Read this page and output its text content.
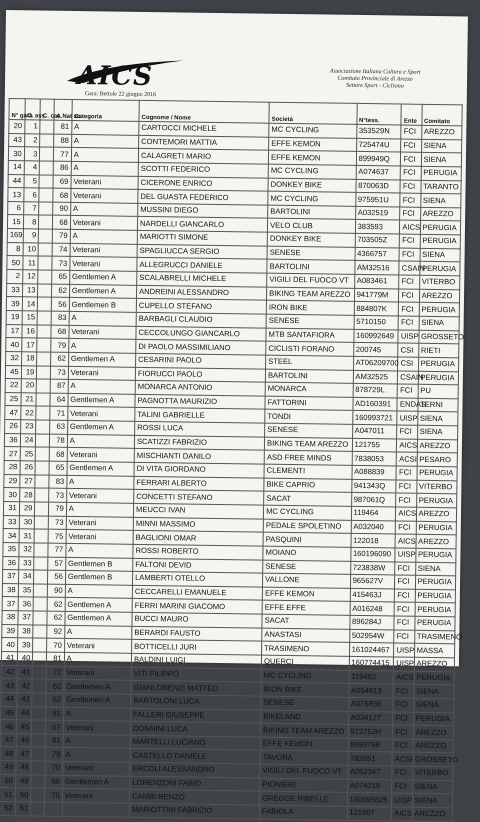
AICS	Associazione Italiana Cultura e Sport
Comitato Provinciale di Arezzo
Settore Sport - Ciclismo
Gara: Bettole 22 giugno 2016
N° gara	C. ass.	C. cat.	A.Nat sc.	Categoria	Cognome / Nome	Società	N°tess.	Ente	Comitato
20	1		81	A	CARTOCCI MICHELE	MC CYCLING	353529N	FCI	AREZZO
43	2		88	A	CONTEMORI MATTIA	EFFE KEMON	725474U	FCI	SIENA
30	3		77	A	CALAGRETI MARIO	EFFE KEMON	899949Q	FCI	SIENA
14	4		86	A	SCOTTI FEDERICO	MC CYCLING	A074637	FCI	PERUGIA
44	5		69	Veterani	CICERONE ENRICO	DONKEY BIKE	870063D	FCI	TARANTO
13	6		68	Veterani	DEL GUASTA FEDERICO	MC CYCLING	975951U	FCI	SIENA
6	7		90	A	MUSSINI DIEGO	BARTOLINI	A032519	FCI	AREZZO
15	8		68	Veterani	NARDELLI GIANCARLO	VELO CLUB	383593	AICS	PERUGIA
169	9		79	A	MARIOTTI SIMONE	DONKEY BIKE	703505Z	FCI	PERUGIA
8	10		74	Veterani	SPAGLIUCCA SERGIO	SENESE	4366757	FCI	SIENA
50	11		73	Veterani	ALLEGRUCCI DANIELE	BARTOLINI	AM32516	CSAIN	PERUGIA
2	12		65	Gentlemen A	SCALABRELLI MICHELE	VIGILI DEL FUOCO VT	A083461	FCI	VITERBO
33	13		62	Gentlemen A	ANDREINI ALESSANDRO	BIKING TEAM AREZZO	941779M	FCI	AREZZO
39	14		56	Gentlemen B	CUPELLO STEFANO	IRON BIKE	884807K	FCI	PERUGIA
19	15		83	A	BARBAGLI CLAUDIO	SENESE	5710150	FCI	SIENA
17	16		68	Veterani	CECCOLUNGO GIANCARLO	MTB SANTAFIORA	160992649	UISP	GROSSETO
40	17		79	A	DI PAOLO MASSIMILIANO	CICLISTI FORANO	200745	CSI	RIETI
32	18		62	Gentlemen A	CESARINI PAOLO	STEEL	AT06209700	CSI	PERUGIA
45	19		73	Veterani	FIORUCCI PAOLO	BARTOLINI	AM32525	CSAIN	PERUGIA
22	20		87	A	MONARCA ANTONIO	MONARCA	878729L	FCI	PU
25	21		64	Gentlemen A	PAGNOTTA MAURIZIO	FATTORINI	AD160391	ENDAS	TERNI
47	22		71	Veterani	TALINI GABRIELLE	TONDI	160993721	UISP	SIENA
26	23		63	Gentlemen A	ROSSI LUCA	SENESE	A047011	FCI	SIENA
36	24		78	A	SCATIZZI FABRIZIO	BIKING TEAM AREZZO	121755	AICS	AREZZO
27	25		68	Veterani	MISCHIANTI DANILO	ASD FREE MINDS	7838053	ACSI	PESARO
28	26		65	Gentlemen A	DI VITA GIORDANO	CLEMENTI	A088839	FCI	PERUGIA
29	27		83	A	FERRARI ALBERTO	BIKE CAPRIO	941343Q	FCI	VITERBO
30	28		73	Veterani	CONCETTI STEFANO	SACAT	987061Q	FCI	PERUGIA
31	29		79	A	MEUCCI IVAN	MC CYCLING	119464	AICS	AREZZO
33	30		73	Veterani	MINNI MASSIMO	PEDALE SPOLETINO	A032040	FCI	PERUGIA
34	31		75	Veterani	BAGLIONI OMAR	PASQUINI	122018	AICS	AREZZO
35	32		77	A	ROSSI ROBERTO	MOIANO	160196090	UISP	PERUGIA
36	33		57	Gentlemen B	FALTONI DEVID	SENESE	723838W	FCI	SIENA
37	34		56	Gentlemen B	LAMBERTI OTELLO	VALLONE	965627V	FCI	PERUGIA
38	35		90	A	CECCARELLI EMANUELE	EFFE KEMON	415463J	FCI	PERUGIA
37	36		62	Gentlemen A	FERRI MARINI GIACOMO	EFFE EFFE	A016248	FCI	PERUGIA
38	37		62	Gentlemen A	BUCCI MAURO	SACAT	896284J	FCI	PERUGIA
39	38		92	A	BERARDI FAUSTO	ANASTASI	502954W	FCI	TRASIMENO
40	39		70	Veterani	BOTTICELLI JURI	TRASIMENO	161024467	UISP	MASSA
41	40		81	A	BALDINI LUIGI	QUERCI	160774415	UISP	AREZZO
42	41		72	Veterani	VITI FILIPPO	MC CYCLING	119482	AICS	PERUGIA
43	42		62	Gentlemen A	GIANLORENZI MATTEO	IRON BIKE	A054813	FCI	SIENA
44	43		62	Gentlemen A	BARTOLONI LUCA	SENESE	A075856	FCI	SIENA
45	44		81	A	FALLERI GIUSEPPE	BIKELAND	A034127	FCI	PERUGIA
46	45		67	Veterani	DONNINI LUCA	BIKING TEAM AREZZO	972753H	FCI	AREZZO
47	46		81	A	MARTELLI LUCIANO	EFFE KEMON	8699768	FCI	AREZZO
48	47		79	A	CASTELLO DANIELE	TAVORA	783651	ACSI	GROSSETO
49	48		70	Veterani	ERCOLI ALESSANDRO	VIGILI DEL FUOCO VT	A052347	FCI	VITERBO
50	49		66	Gentlemen A	LORENZONI FABIO	PIONIERI	A074218	FCI	SIENA
51	50		75	Veterani	CAMBI RENZO	GREGGE RIBELLE	160095625	UISP	SIENA
52	51				MARIOTTINI FABRIZIO	FABIOLA	121907	AICS	AREZZO
